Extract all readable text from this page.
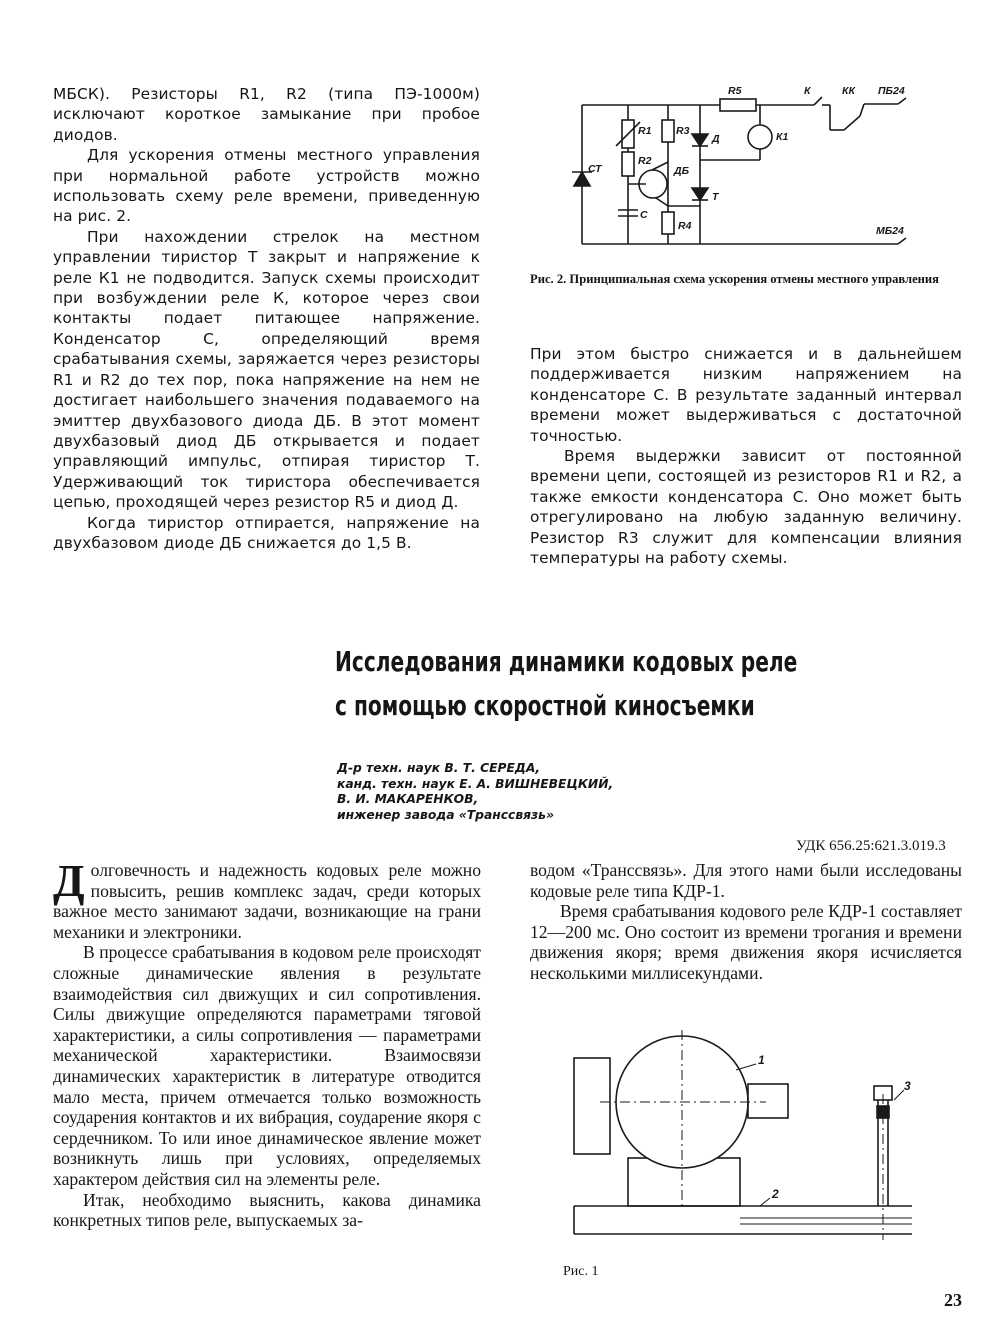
МБСК). Резисторы R1, R2 (типа ПЭ-1000м) исключают короткое замыкание при пробое диодов.

Для ускорения отмены местного управления при нормальной работе устройств можно использовать схему реле времени, приведенную на рис. 2.

При нахождении стрелок на местном управлении тиристор Т закрыт и напряжение к реле К1 не подводится. Запуск схемы происходит при возбуждении реле К, которое через свои контакты подает питающее напряжение. Конденсатор С, определяющий время срабатывания схемы, заряжается через резисторы R1 и R2 до тех пор, пока напряжение на нем не достигает наибольшего значения подаваемого на эмиттер двухбазового диода ДБ. В этот момент двухбазовый диод ДБ открывается и подает управляющий импульс, отпирая тиристор Т. Удерживающий ток тиристора обеспечивается цепью, проходящей через резистор R5 и диод Д.

Когда тиристор отпирается, напряжение на двухбазовом диоде ДБ снижается до 1,5 В.

R5	К	КК ПБ24
R1 R3
Д	К1
СТ
R2
ДБ
Т
С
R4	МБ24
Рис. 2. Принципиальная схема ускорения отмены местного управления

При этом быстро снижается и в дальнейшем поддерживается низким напряжением на конденсаторе С. В результате заданный интервал времени может выдерживаться с достаточной точностью.

Время выдержки зависит от постоянной времени цепи, состоящей из резисторов R1 и R2, а также емкости конденсатора С. Оно может быть отрегулировано на любую заданную величину. Резистор R3 служит для компенсации влияния температуры на работу схемы.

Исследования динамики кодовых реле
с помощью скоростной киносъемки
Д-р техн. наук В. Т. СЕРЕДА,
канд. техн. наук Е. А. ВИШНЕВЕЦКИЙ,
В. И. МАКАРЕНКОВ,
инженер завода «Транссвязь»
УДК 656.25:621.3.019.3

Долговечность и надежность кодовых реле можно повысить, решив комплекс задач, среди которых важное место занимают задачи, возникающие на грани механики и электроники.

В процессе срабатывания в кодовом реле происходят сложные динамические явления в результате взаимодействия сил движущих и сил сопротивления. Силы движущие определяются параметрами тяговой характеристики, а силы сопротивления — параметрами механической характеристики. Взаимосвязи динамических характеристик в литературе отводится мало места, причем отмечается только возможность соударения контактов и их вибрация, соударение якоря с сердечником. То или иное динамическое явление может возникнуть лишь при условиях, определяемых характером действия сил на элементы реле.

Итак, необходимо выяснить, какова динамика конкретных типов реле, выпускаемых за-

водом «Транссвязь». Для этого нами были исследованы кодовые реле типа КДР-1.

Время срабатывания кодового реле КДР-1 составляет 12—200 мс. Оно состоит из времени трогания и времени движения якоря; время движения якоря исчисляется несколькими миллисекундами.

1
2
3
Рис. 1
23
